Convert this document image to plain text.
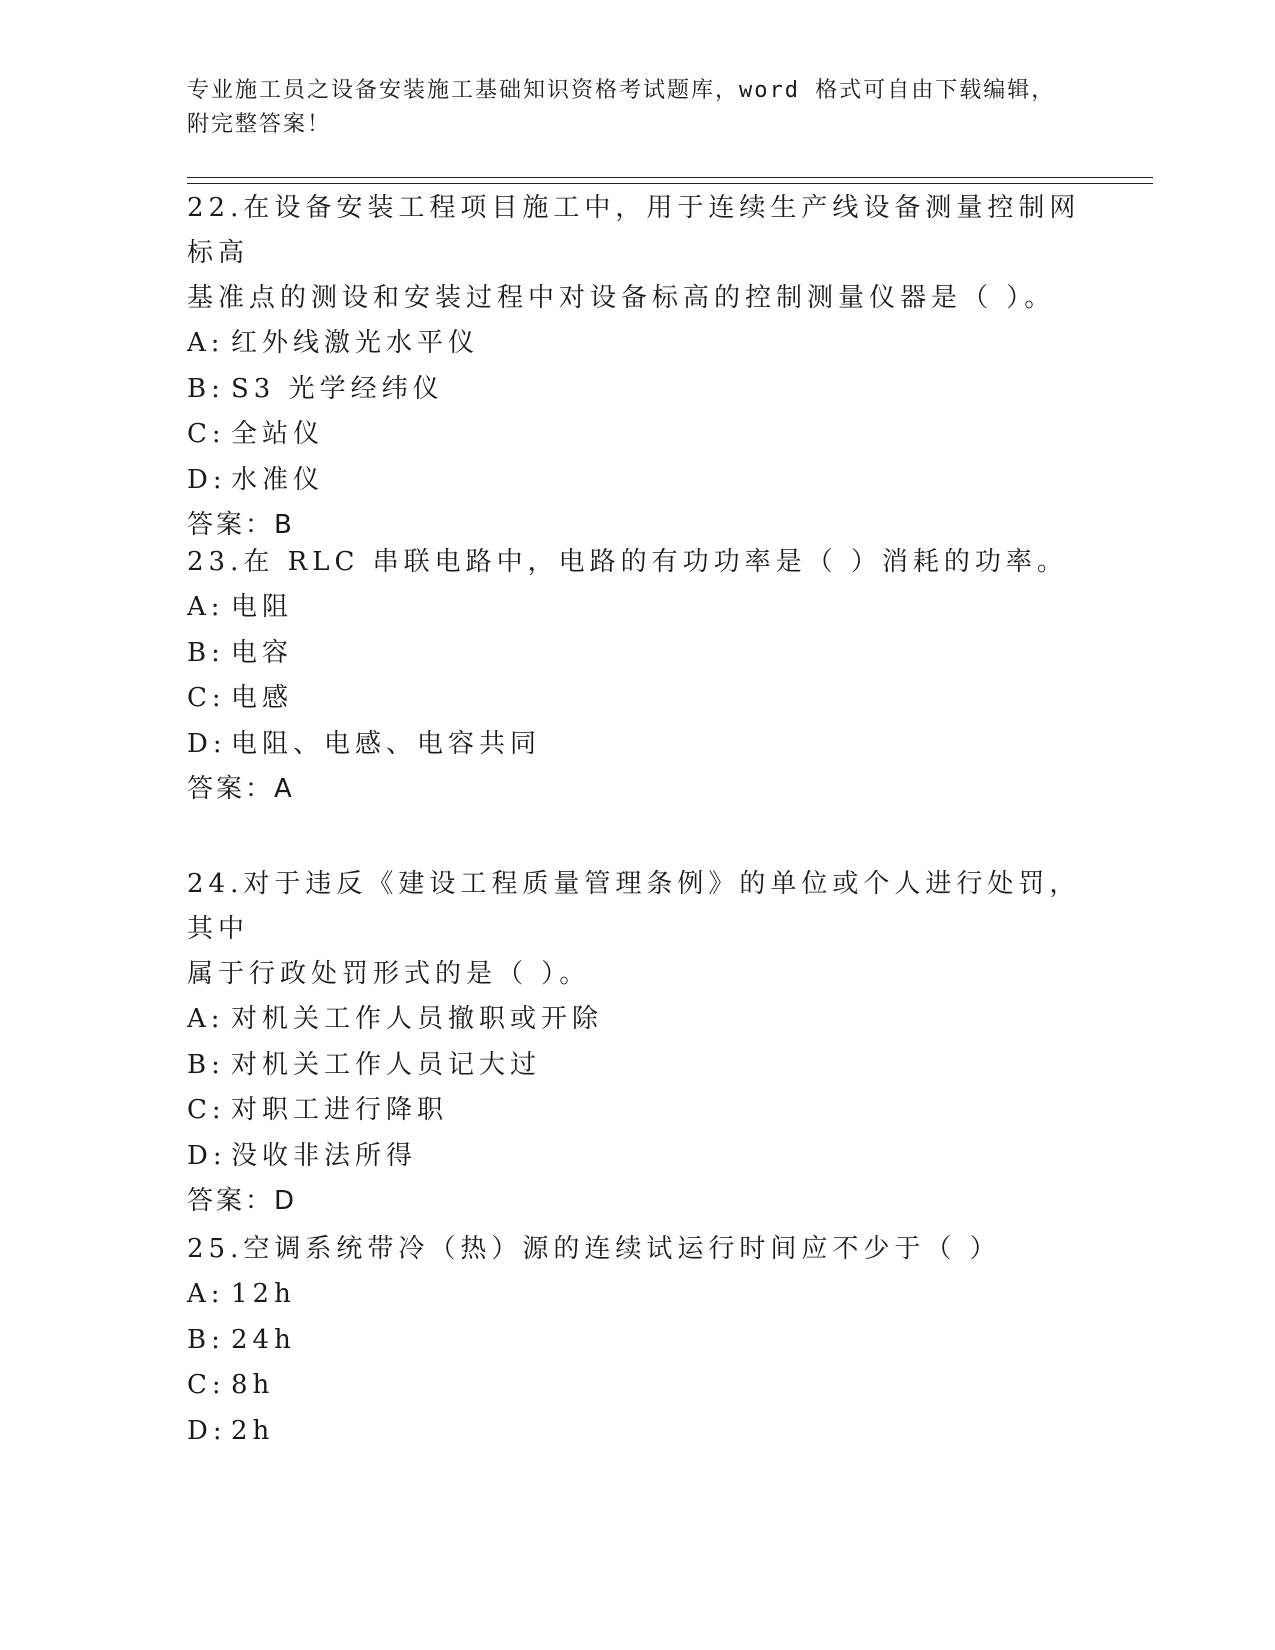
专业施工员之设备安装施工基础知识资格考试题库，word 格式可自由下载编辑，
附完整答案！

22.在设备安装工程项目施工中，用于连续生产线设备测量控制网标高

基准点的测设和安装过程中对设备标高的控制测量仪器是（ ）。

A: 红外线激光水平仪
B: S3 光学经纬仪
C: 全站仪
D: 水准仪

答案：B

23.在 RLC 串联电路中，电路的有功功率是（ ）消耗的功率。

A: 电阻
B: 电容
C: 电感
D: 电阻、电感、电容共同

答案：A

24.对于违反《建设工程质量管理条例》的单位或个人进行处罚，其中

属于行政处罚形式的是（ ）。

A: 对机关工作人员撤职或开除
B: 对机关工作人员记大过
C: 对职工进行降职
D: 没收非法所得

答案：D

25.空调系统带冷（热）源的连续试运行时间应不少于（ ）

A: 12h
B: 24h
C: 8h
D: 2h
